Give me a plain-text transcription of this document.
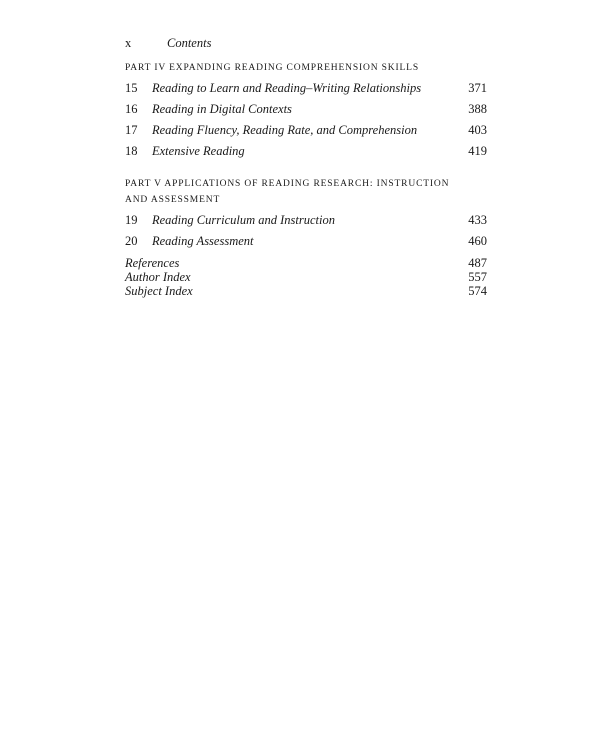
x	Contents
PART IV EXPANDING READING COMPREHENSION SKILLS
15 Reading to Learn and Reading–Writing Relationships	371
16 Reading in Digital Contexts	388
17 Reading Fluency, Reading Rate, and Comprehension	403
18 Extensive Reading	419
PART V APPLICATIONS OF READING RESEARCH: INSTRUCTION
AND ASSESSMENT
19 Reading Curriculum and Instruction	433
20 Reading Assessment	460
References	487
Author Index	557
Subject Index	574
